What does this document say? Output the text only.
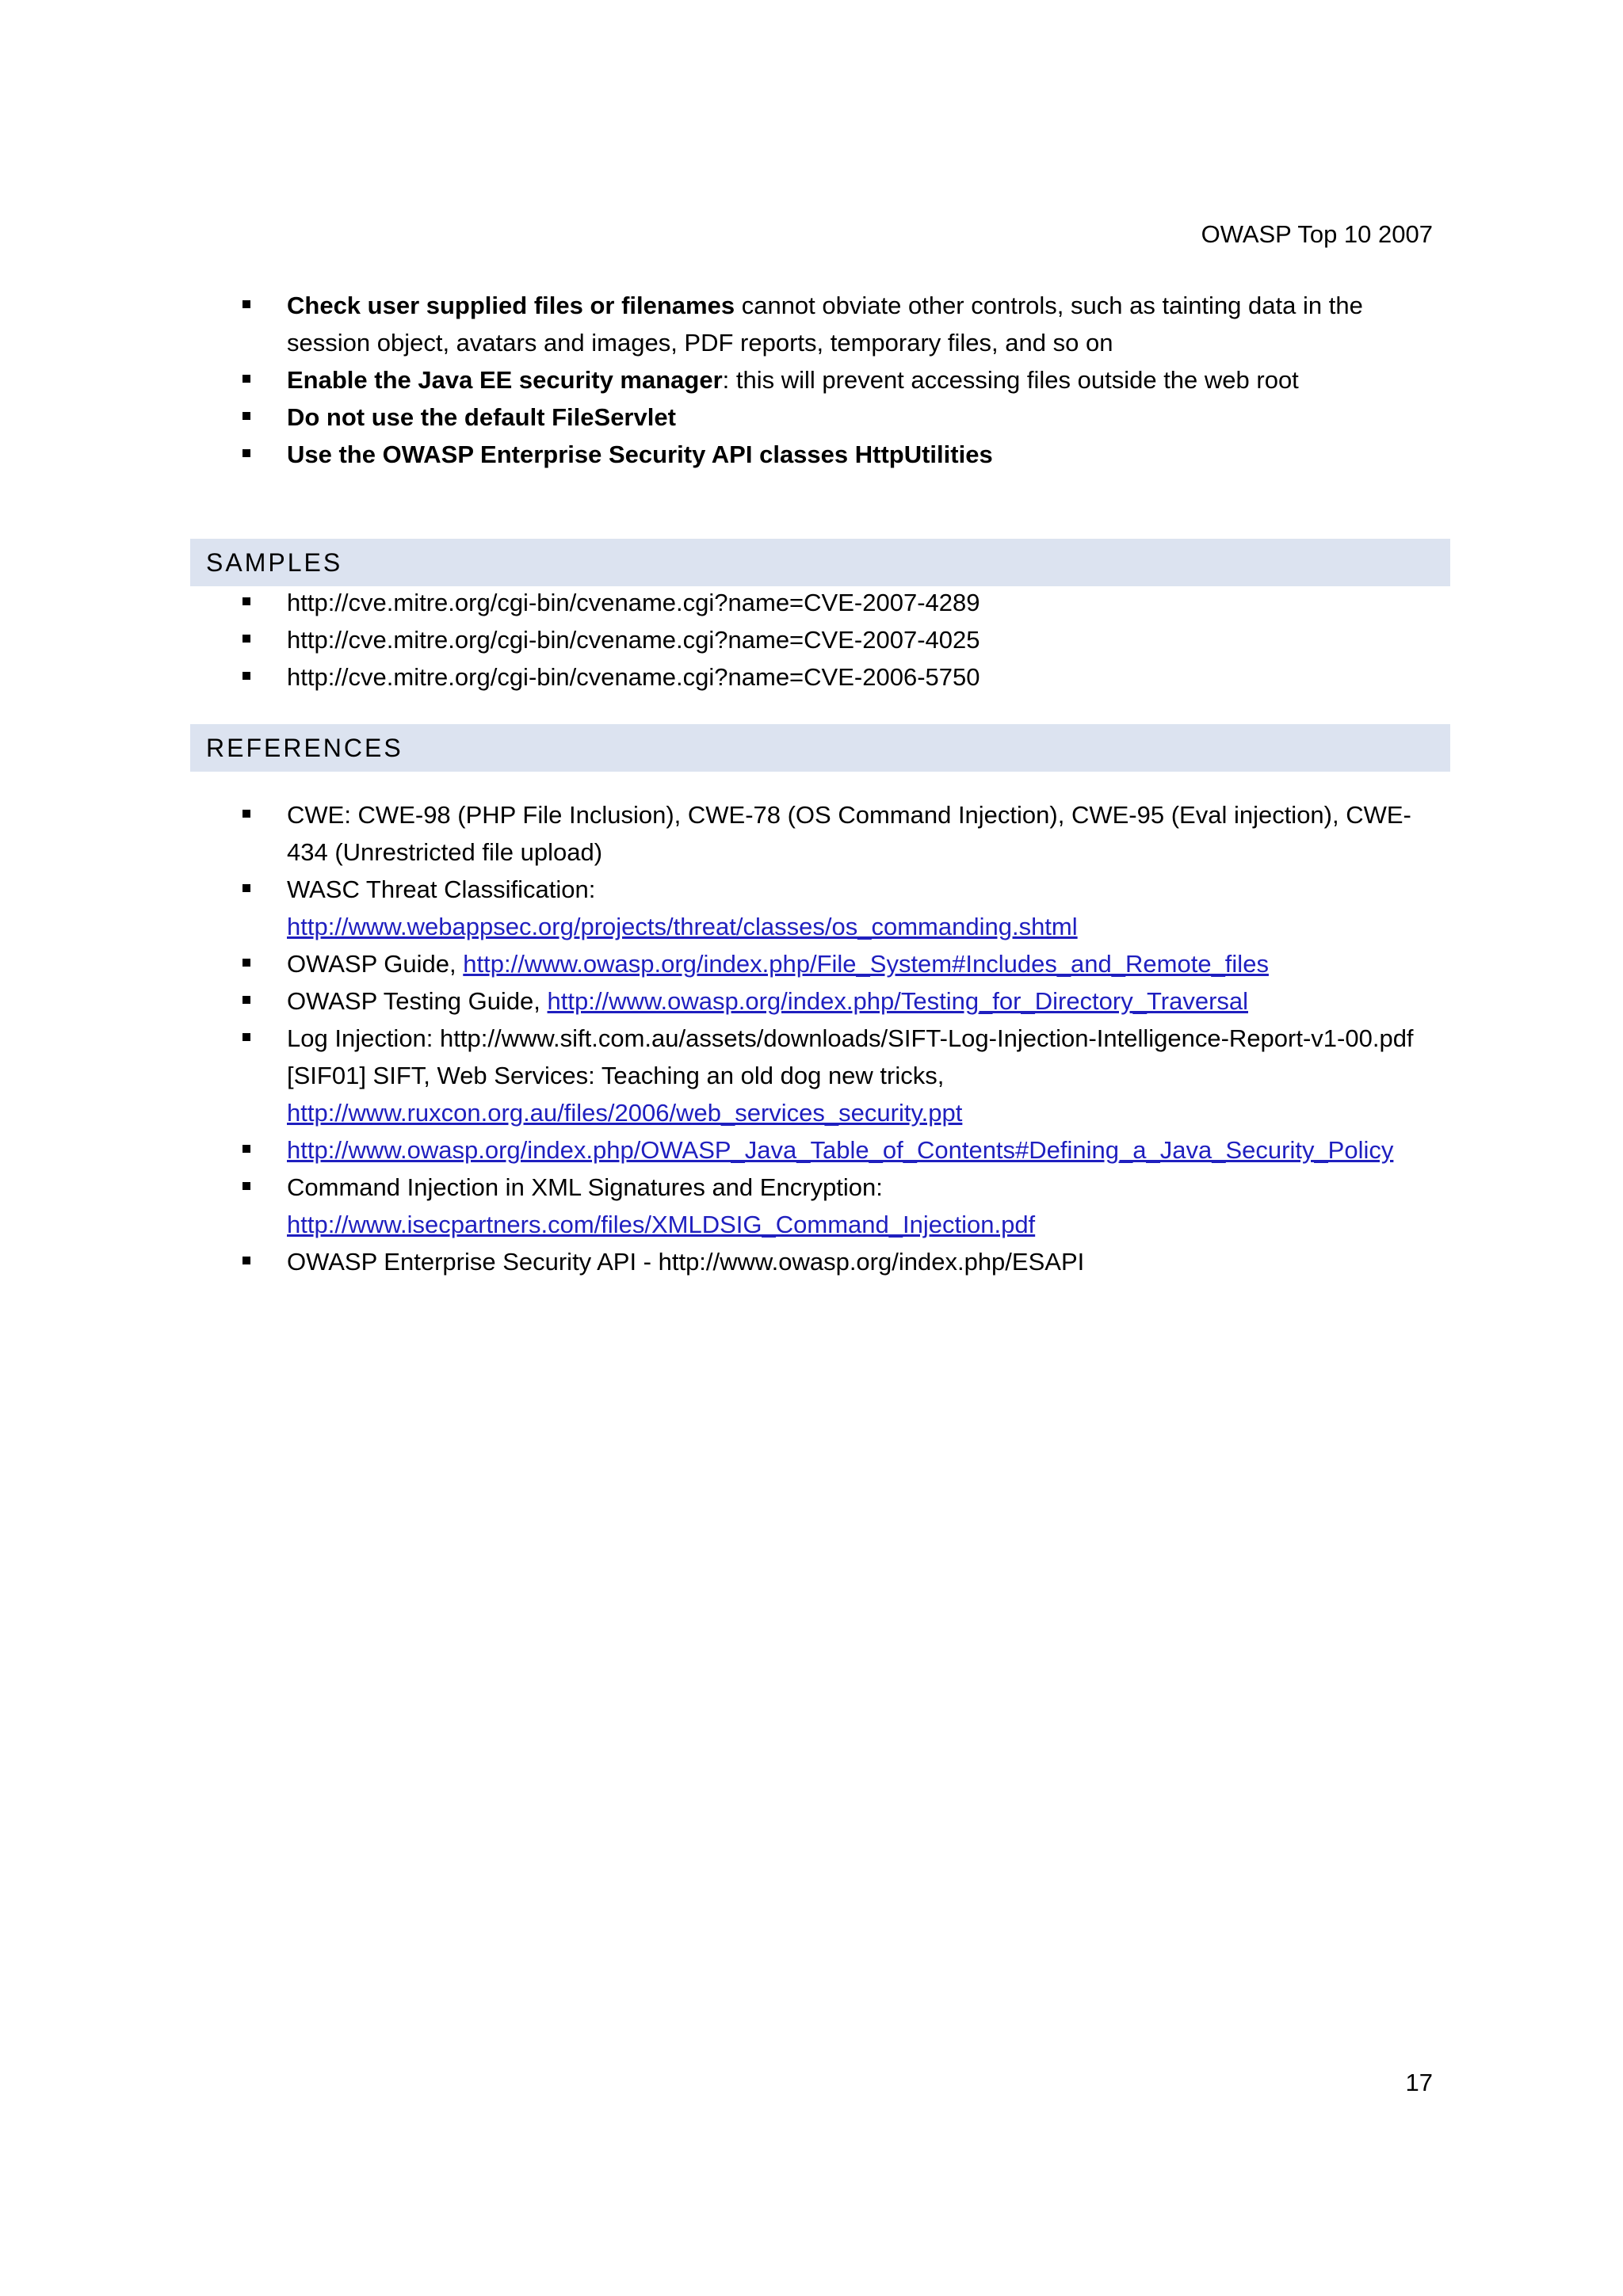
OWASP Top 10 2007
Check user supplied files or filenames cannot obviate other controls, such as tainting data in the session object, avatars and images, PDF reports, temporary files, and so on
Enable the Java EE security manager: this will prevent accessing files outside the web root
Do not use the default FileServlet
Use the OWASP Enterprise Security API classes HttpUtilities
SAMPLES
http://cve.mitre.org/cgi-bin/cvename.cgi?name=CVE-2007-4289
http://cve.mitre.org/cgi-bin/cvename.cgi?name=CVE-2007-4025
http://cve.mitre.org/cgi-bin/cvename.cgi?name=CVE-2006-5750
REFERENCES
CWE: CWE-98 (PHP File Inclusion), CWE-78 (OS Command Injection), CWE-95 (Eval injection), CWE-434 (Unrestricted file upload)
WASC Threat Classification:
http://www.webappsec.org/projects/threat/classes/os_commanding.shtml
OWASP Guide, http://www.owasp.org/index.php/File_System#Includes_and_Remote_files
OWASP Testing Guide, http://www.owasp.org/index.php/Testing_for_Directory_Traversal
Log Injection: http://www.sift.com.au/assets/downloads/SIFT-Log-Injection-Intelligence-Report-v1-00.pdf
[SIF01] SIFT, Web Services: Teaching an old dog new tricks,
http://www.ruxcon.org.au/files/2006/web_services_security.ppt
http://www.owasp.org/index.php/OWASP_Java_Table_of_Contents#Defining_a_Java_Security_Policy
Command Injection in XML Signatures and Encryption:
http://www.isecpartners.com/files/XMLDSIG_Command_Injection.pdf
OWASP Enterprise Security API - http://www.owasp.org/index.php/ESAPI
17
